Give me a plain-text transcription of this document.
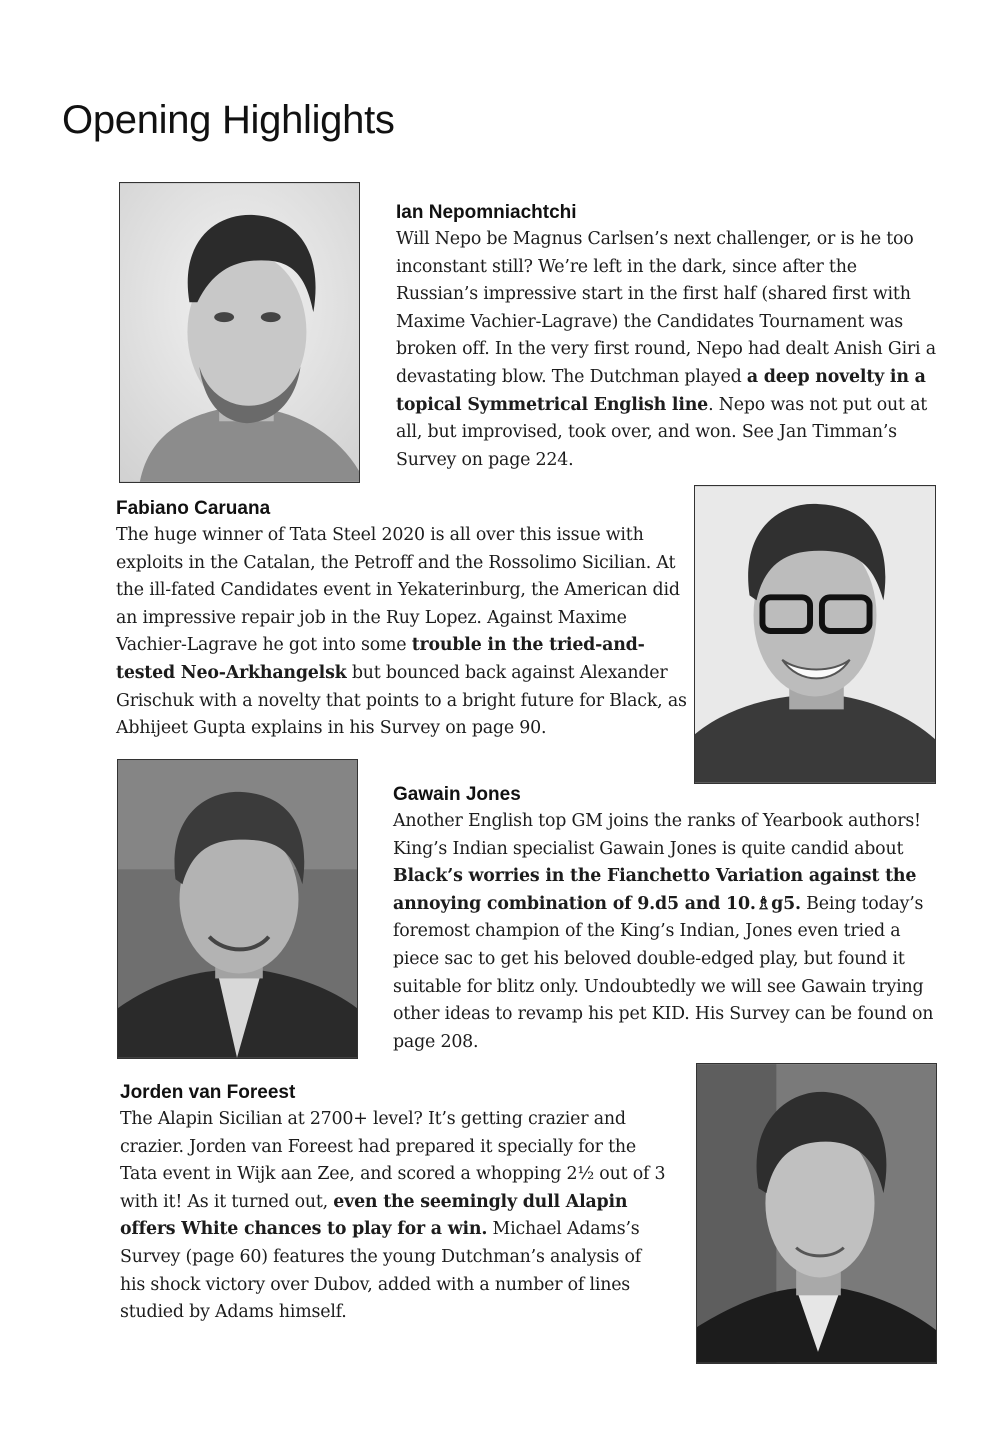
Opening Highlights
Ian Nepomniachtchi
Will Nepo be Magnus Carlsen’s next challenger, or is he too inconstant still? We’re left in the dark, since after the Russian’s impressive start in the first half (shared first with Maxime Vachier-Lagrave) the Candidates Tournament was broken off. In the very first round, Nepo had dealt Anish Giri a devastating blow. The Dutchman played a deep novelty in a topical Symmetrical English line. Nepo was not put out at all, but improvised, took over, and won. See Jan Timman’s Survey on page 224.
Fabiano Caruana
The huge winner of Tata Steel 2020 is all over this issue with exploits in the Catalan, the Petroff and the Rossolimo Sicilian. At the ill-fated Candidates event in Yekaterinburg, the American did an impressive repair job in the Ruy Lopez. Against Maxime Vachier-Lagrave he got into some trouble in the tried-and-tested Neo-Arkhangelsk but bounced back against Alexander Grischuk with a novelty that points to a bright future for Black, as Abhijeet Gupta explains in his Survey on page 90.
Gawain Jones
Another English top GM joins the ranks of Yearbook authors! King’s Indian specialist Gawain Jones is quite candid about Black’s worries in the Fianchetto Variation against the annoying combination of 9.d5 and 10.♗g5. Being today’s foremost champion of the King’s Indian, Jones even tried a piece sac to get his beloved double-edged play, but found it suitable for blitz only. Undoubtedly we will see Gawain trying other ideas to revamp his pet KID. His Survey can be found on page 208.
Jorden van Foreest
The Alapin Sicilian at 2700+ level? It’s getting crazier and crazier. Jorden van Foreest had prepared it specially for the Tata event in Wijk aan Zee, and scored a whopping 2½ out of 3 with it! As it turned out, even the seemingly dull Alapin offers White chances to play for a win. Michael Adams’s Survey (page 60) features the young Dutchman’s analysis of his shock victory over Dubov, added with a number of lines studied by Adams himself.
